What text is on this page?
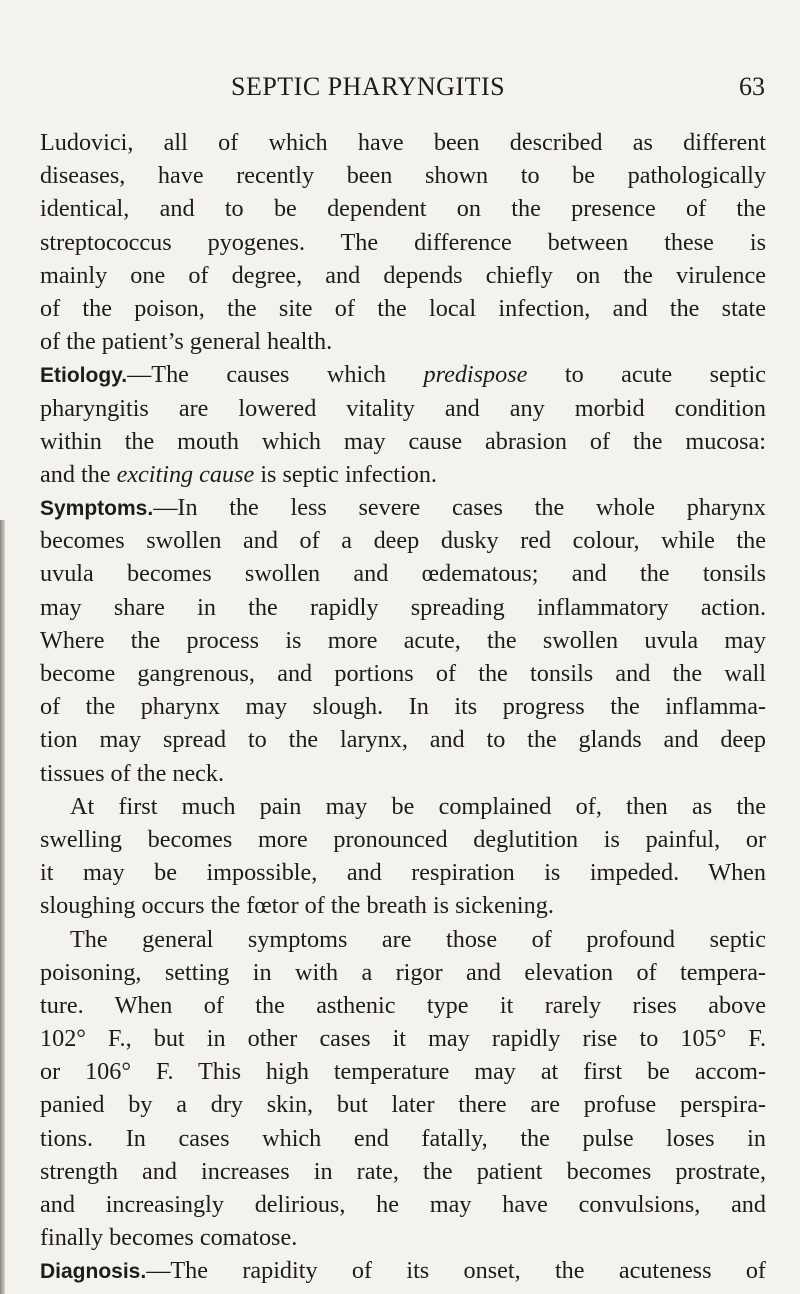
SEPTIC PHARYNGITIS	63
Ludovici, all of which have been described as different
diseases, have recently been shown to be pathologically
identical, and to be dependent on the presence of the
streptococcus pyogenes. The difference between these is
mainly one of degree, and depends chiefly on the virulence
of the poison, the site of the local infection, and the state
of the patient’s general health.
Etiology.—The causes which predispose to acute septic
pharyngitis are lowered vitality and any morbid condition
within the mouth which may cause abrasion of the mucosa:
and the exciting cause is septic infection.
Symptoms.—In the less severe cases the whole pharynx
becomes swollen and of a deep dusky red colour, while the
uvula becomes swollen and œdematous; and the tonsils
may share in the rapidly spreading inflammatory action.
Where the process is more acute, the swollen uvula may
become gangrenous, and portions of the tonsils and the wall
of the pharynx may slough. In its progress the inflamma-
tion may spread to the larynx, and to the glands and deep
tissues of the neck.
At first much pain may be complained of, then as the
swelling becomes more pronounced deglutition is painful, or
it may be impossible, and respiration is impeded. When
sloughing occurs the fœtor of the breath is sickening.
The general symptoms are those of profound septic
poisoning, setting in with a rigor and elevation of tempera-
ture. When of the asthenic type it rarely rises above
102° F., but in other cases it may rapidly rise to 105° F.
or 106° F. This high temperature may at first be accom-
panied by a dry skin, but later there are profuse perspira-
tions. In cases which end fatally, the pulse loses in
strength and increases in rate, the patient becomes prostrate,
and increasingly delirious, he may have convulsions, and
finally becomes comatose.
Diagnosis.—The rapidity of its onset, the acuteness of
